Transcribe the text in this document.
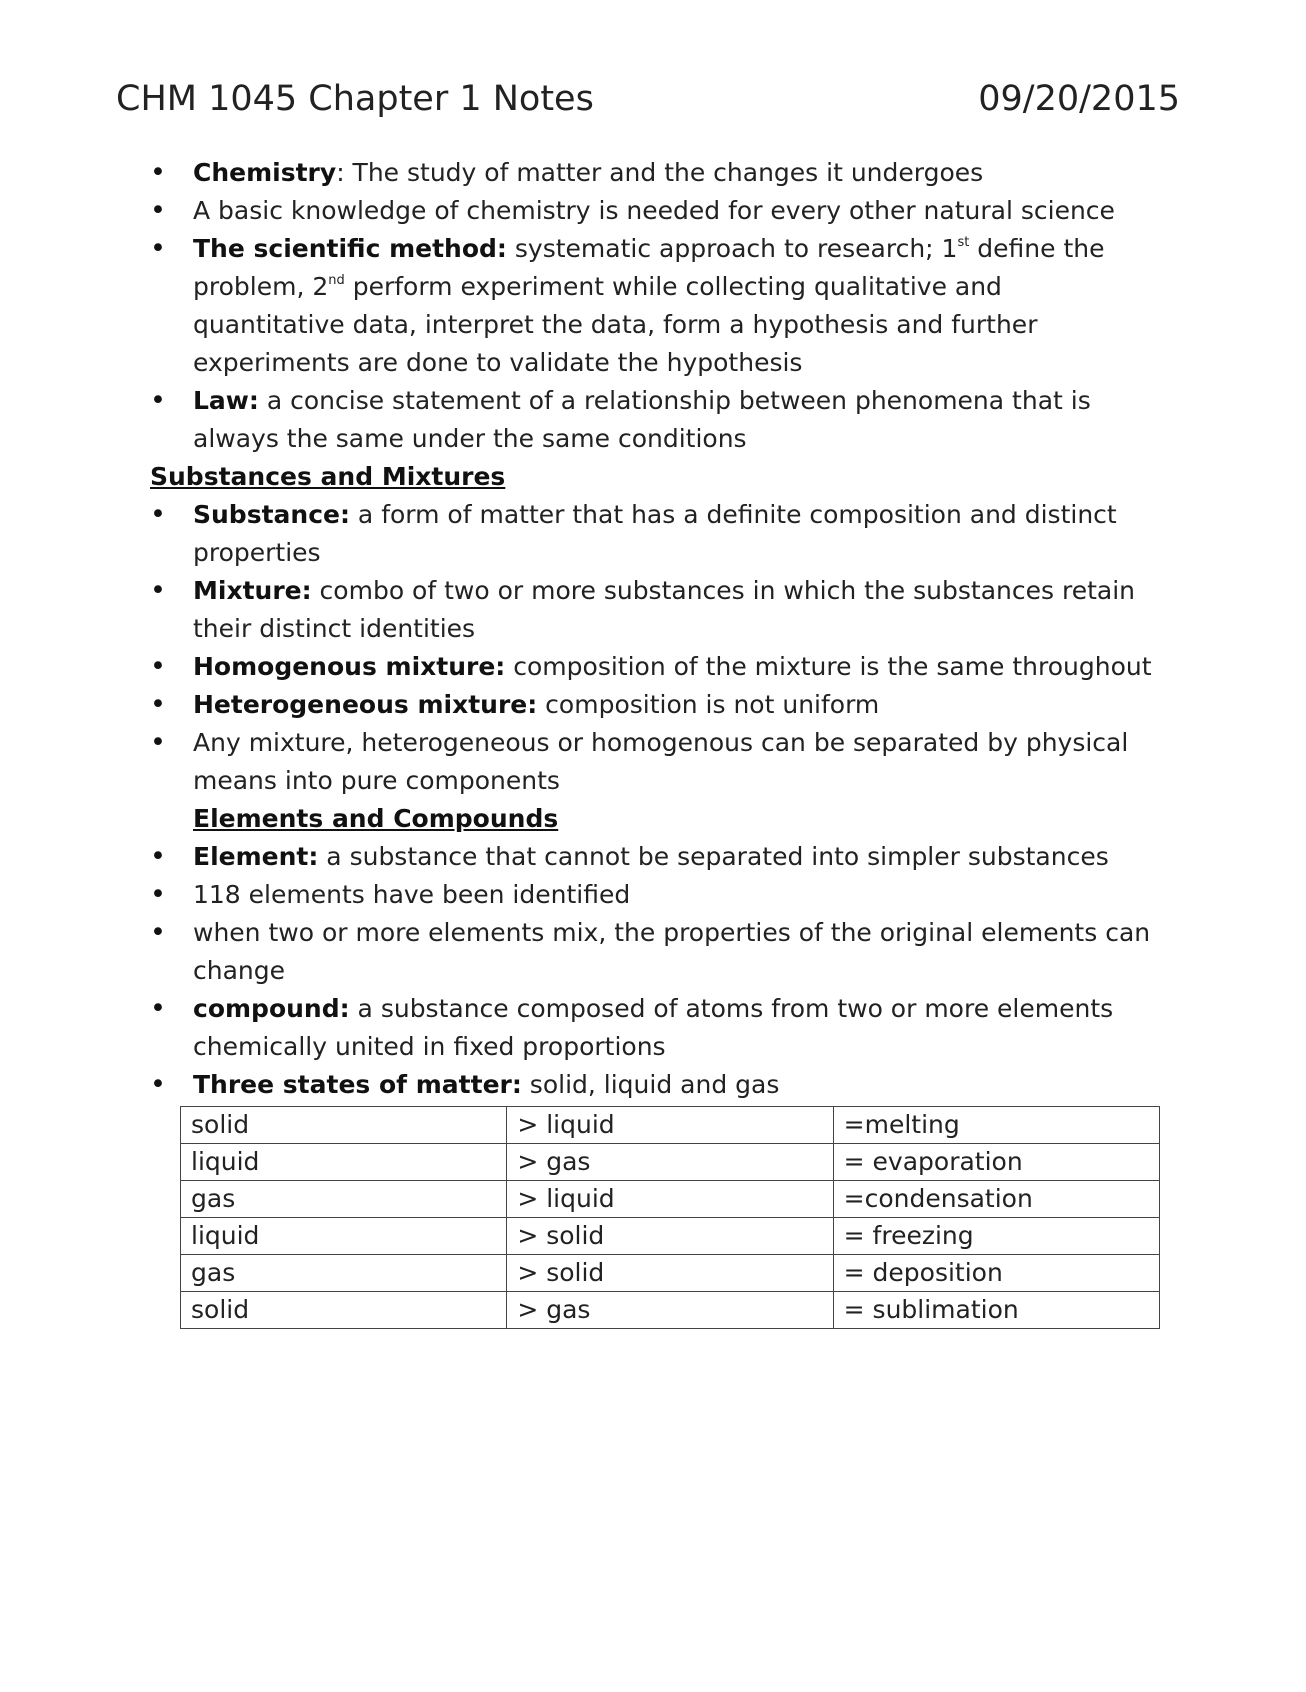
CHM 1045 Chapter 1 Notes	09/20/2015
• Chemistry: The study of matter and the changes it undergoes
• A basic knowledge of chemistry is needed for every other natural science
• The scientific method: systematic approach to research; 1st define the problem, 2nd perform experiment while collecting qualitative and quantitative data, interpret the data, form a hypothesis and further experiments are done to validate the hypothesis
• Law: a concise statement of a relationship between phenomena that is always the same under the same conditions
Substances and Mixtures
• Substance: a form of matter that has a definite composition and distinct properties
• Mixture: combo of two or more substances in which the substances retain their distinct identities
• Homogenous mixture: composition of the mixture is the same throughout
• Heterogeneous mixture: composition is not uniform
• Any mixture, heterogeneous or homogenous can be separated by physical means into pure components
Elements and Compounds
• Element: a substance that cannot be separated into simpler substances
• 118 elements have been identified
• when two or more elements mix, the properties of the original elements can change
• compound: a substance composed of atoms from two or more elements chemically united in fixed proportions
• Three states of matter: solid, liquid and gas
solid	> liquid	=melting
liquid	> gas	= evaporation
gas	> liquid	=condensation
liquid	> solid	= freezing
gas	> solid	= deposition
solid	> gas	= sublimation
